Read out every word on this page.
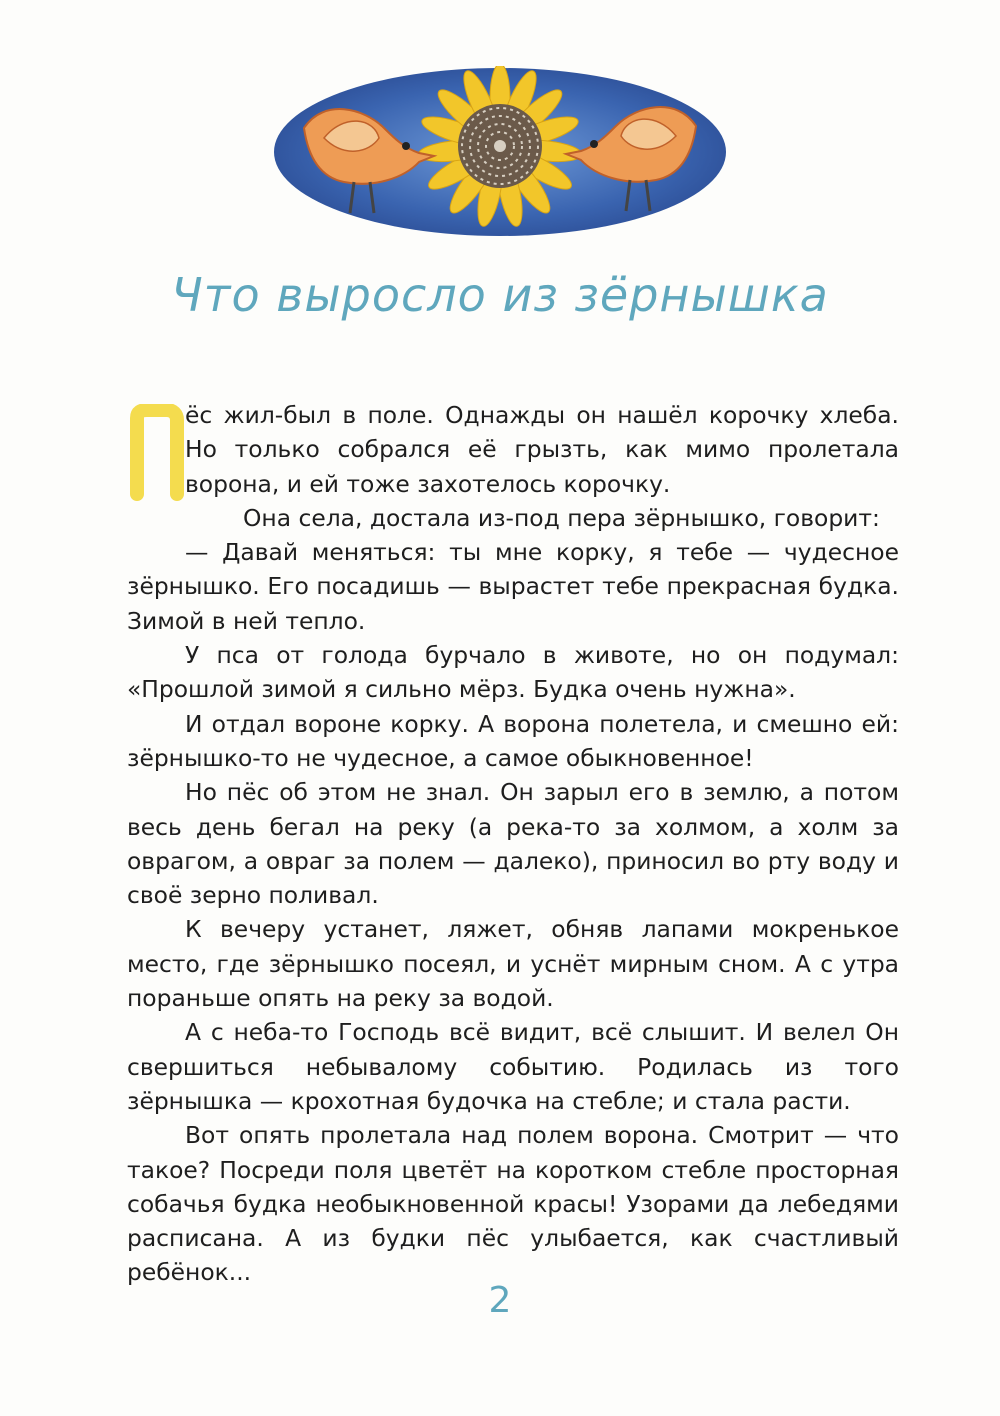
Что выросло из зёрнышка

ёс жил-был в поле. Однажды он нашёл корочку хлеба. Но только собрался её грызть, как мимо пролетала ворона, и ей тоже захотелось корочку.

Она села, достала из-под пера зёрнышко, говорит:

— Давай меняться: ты мне корку, я тебе — чудесное зёрнышко. Его посадишь — вырастет тебе прекрасная будка. Зимой в ней тепло.

У пса от голода бурчало в животе, но он подумал: «Прошлой зимой я сильно мёрз. Будка очень нужна».

И отдал вороне корку. А ворона полетела, и смешно ей: зёрнышко-то не чудесное, а самое обыкновенное!

Но пёс об этом не знал. Он зарыл его в землю, а потом весь день бегал на реку (а река-то за холмом, а холм за оврагом, а овраг за полем — далеко), приносил во рту воду и своё зерно поливал.

К вечеру устанет, ляжет, обняв лапами мокренькое место, где зёрнышко посеял, и уснёт мирным сном. А с утра пораньше опять на реку за водой.

А с неба-то Господь всё видит, всё слышит. И велел Он свершиться небывалому событию. Родилась из того зёрнышка — крохотная будочка на стебле; и стала расти.

Вот опять пролетала над полем ворона. Смотрит — что такое? Посреди поля цветёт на коротком стебле просторная собачья будка необыкновенной красы! Узорами да лебедями расписана. А из будки пёс улыбается, как счастливый ребёнок...

2
